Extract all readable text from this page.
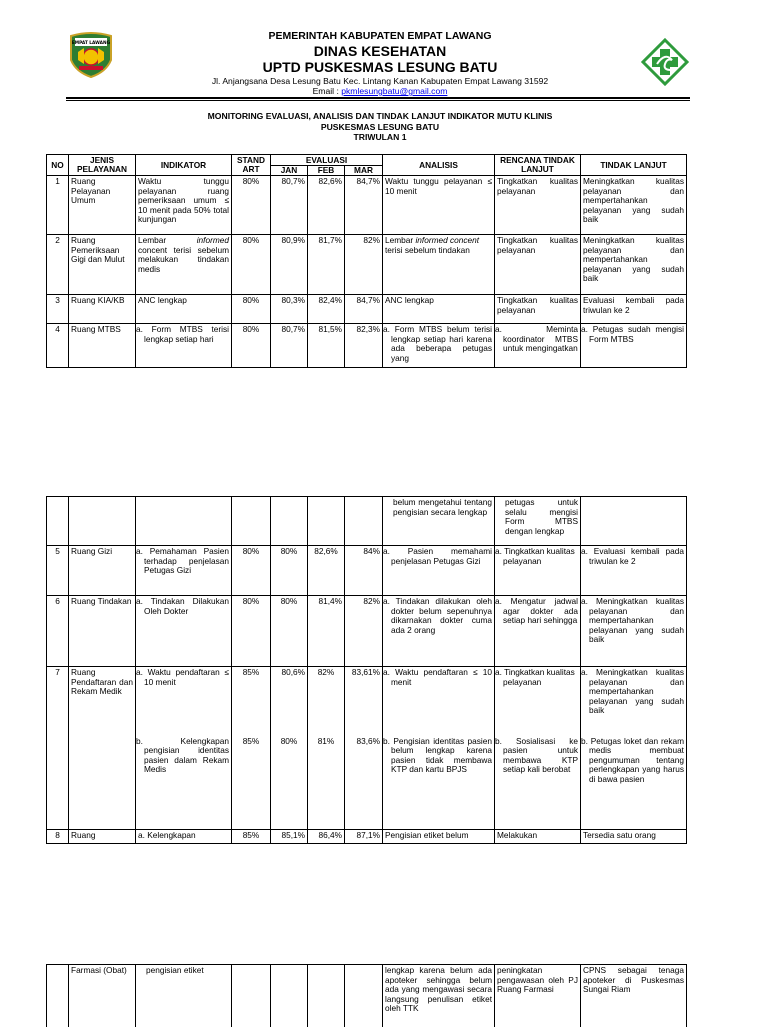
EMPAT LAWANG
PEMERINTAH KABUPATEN EMPAT LAWANG
DINAS KESEHATAN
UPTD PUSKESMAS LESUNG BATU
Jl. Anjangsana Desa Lesung Batu Kec. Lintang Kanan Kabupaten Empat Lawang 31592
Email : pkmlesungbatu@gmail.com
MONITORING EVALUASI, ANALISIS DAN TINDAK LANJUT INDIKATOR MUTU KLINIS
PUSKESMAS LESUNG BATU
TRIWULAN 1
NO	JENIS PELAYANAN	INDIKATOR	STAND ART	EVALUASI			ANALISIS	RENCANA TINDAK LANJUT	TINDAK LANJUT
				JAN	FEB	MAR			
1	Ruang Pelayanan Umum	Waktu tunggu pelayanan ruang pemeriksaan umum ≤ 10 menit pada 50% total kunjungan	80%	80,7%	82,6%	84,7%	Waktu tunggu pelayanan ≤ 10 menit	Tingkatkan kualitas pelayanan	Meningkatkan kualitas pelayanan dan mempertahankan pelayanan yang sudah baik
2	Ruang Pemeriksaan Gigi dan Mulut	Lembar informed concent terisi sebelum melakukan tindakan medis	80%	80,9%	81,7%	82%	Lembar informed concent terisi sebelum tindakan	Tingkatkan kualitas pelayanan	Meningkatkan kualitas pelayanan dan mempertahankan pelayanan yang sudah baik
3	Ruang KIA/KB	ANC lengkap	80%	80,3%	82,4%	84,7%	ANC lengkap	Tingkatkan kualitas pelayanan	Evaluasi kembali pada triwulan ke 2
4	Ruang MTBS	a. Form MTBS terisi lengkap setiap hari	80%	80,7%	81,5%	82,3%	a. Form MTBS belum terisi lengkap setiap hari karena ada beberapa petugas yang	a. Meminta koordinator MTBS untuk mengingatkan	a. Petugas sudah mengisi Form MTBS
							belum mengetahui tentang pengisian secara lengkap	petugas untuk selalu mengisi Form MTBS dengan lengkap	
5	Ruang Gizi	a. Pemahaman Pasien terhadap penjelasan Petugas Gizi	80%	80%	82,6%	84%	a. Pasien memahami penjelasan Petugas Gizi	a. Tingkatkan kualitas pelayanan	a. Evaluasi kembali pada triwulan ke 2
6	Ruang Tindakan	a. Tindakan Dilakukan Oleh Dokter	80%	80%	81,4%	82%	a. Tindakan dilakukan oleh dokter belum sepenuhnya dikarnakan dokter cuma ada 2 orang	a. Mengatur jadwal agar dokter ada setiap hari sehingga	a. Meningkatkan kualitas pelayanan dan mempertahankan pelayanan yang sudah baik
7	Ruang Pendaftaran dan Rekam Medik	a. Waktu pendaftaran ≤ 10 menit	85%	80,6%	82%	83,61%	a. Waktu pendaftaran ≤ 10 menit	a. Tingkatkan kualitas pelayanan	a. Meningkatkan kualitas pelayanan dan mempertahankan pelayanan yang sudah baik
		b. Kelengkapan pengisian identitas pasien dalam Rekam Medis	85%	80%	81%	83,6%	b. Pengisian identitas pasien belum lengkap karena pasien tidak membawa KTP dan kartu BPJS	b. Sosialisasi ke pasien untuk membawa KTP setiap kali berobat	b. Petugas loket dan rekam medis membuat pengumuman tentang perlengkapan yang harus di bawa pasien
8	Ruang	a. Kelengkapan	85%	85,1%	86,4%	87,1%	Pengisian etiket belum	Melakukan	Tersedia satu orang
	Farmasi (Obat)	pengisian etiket					lengkap karena belum ada apoteker sehingga belum ada yang mengawasi secara langsung penulisan etiket oleh TTK	peningkatan pengawasan oleh PJ Ruang Farmasi	CPNS sebagai tenaga apoteker di Puskesmas Sungai Riam
